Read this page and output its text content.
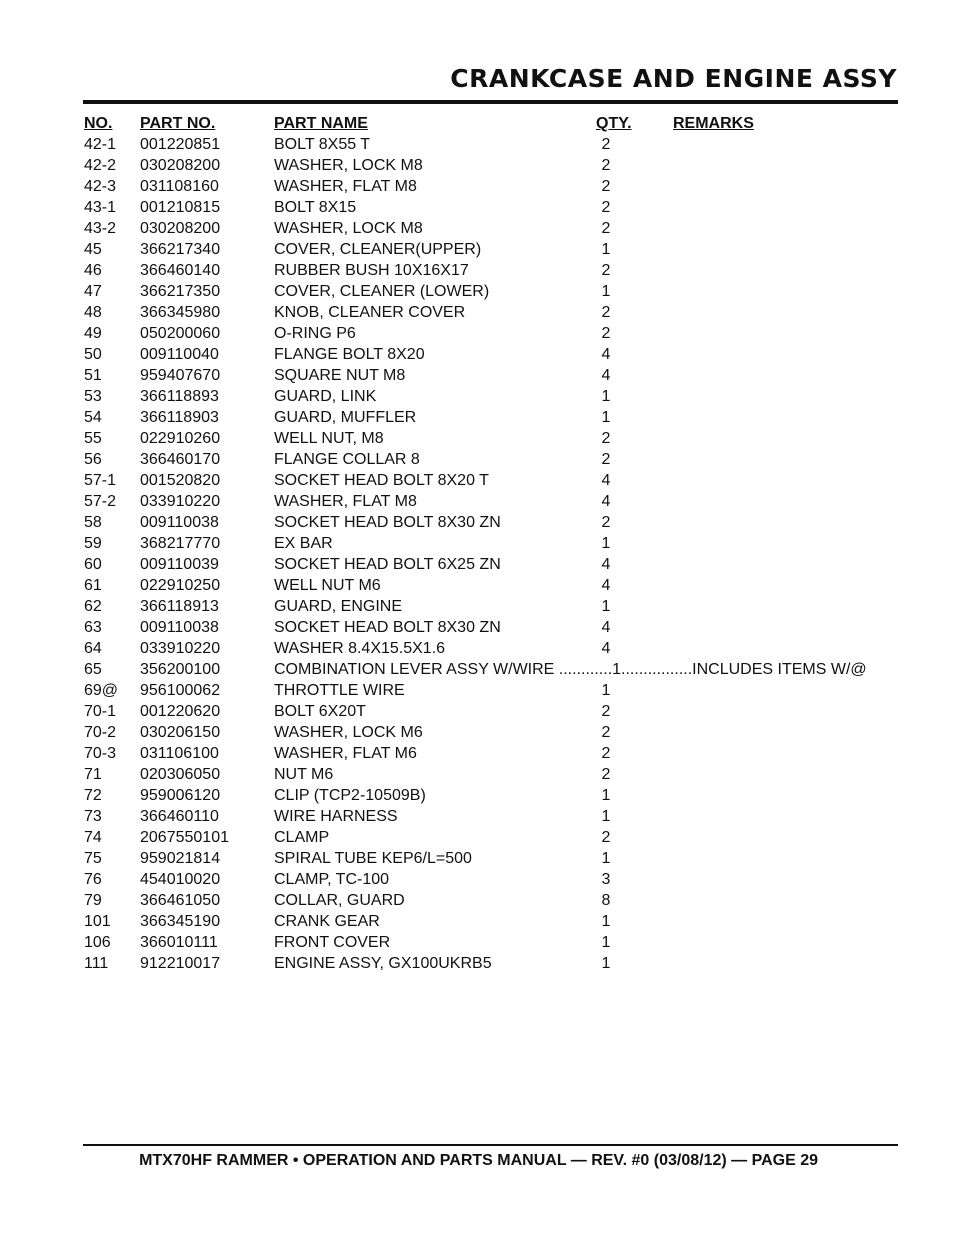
CRANKCASE AND ENGINE ASSY
NO. PART NO.	PART NAME	QTY.	REMARKS
42-1 001220851	BOLT 8X55 T	2
42-2 030208200	WASHER, LOCK M8	2
42-3 031108160	WASHER, FLAT M8	2
43-1 001210815	BOLT 8X15	2
43-2 030208200	WASHER, LOCK M8	2
45 366217340	COVER, CLEANER(UPPER)	1
46 366460140	RUBBER BUSH 10X16X17	2
47 366217350	COVER, CLEANER (LOWER)	1
48 366345980	KNOB, CLEANER COVER	2
49 050200060	O-RING P6	2
50 009110040	FLANGE BOLT 8X20	4
51 959407670	SQUARE NUT M8	4
53 366118893	GUARD, LINK	1
54 366118903	GUARD, MUFFLER	1
55 022910260	WELL NUT, M8	2
56 366460170	FLANGE COLLAR 8	2
57-1 001520820	SOCKET HEAD BOLT 8X20 T	4
57-2 033910220	WASHER, FLAT M8	4
58 009110038	SOCKET HEAD BOLT 8X30 ZN	2
59 368217770	EX BAR	1
60 009110039	SOCKET HEAD BOLT 6X25 ZN	4
61 022910250	WELL NUT M6	4
62 366118913	GUARD, ENGINE	1
63 009110038	SOCKET HEAD BOLT 8X30 ZN	4
64 033910220	WASHER 8.4X15.5X1.6	4
65 356200100	COMBINATION LEVER ASSY W/WIRE ............1................INCLUDES ITEMS W/@
69@ 956100062	THROTTLE WIRE	1
70-1 001220620	BOLT 6X20T	2
70-2 030206150	WASHER, LOCK M6	2
70-3 031106100	WASHER, FLAT M6	2
71 020306050	NUT M6	2
72 959006120	CLIP (TCP2-10509B)	1
73 366460110	WIRE HARNESS	1
74 2067550101	CLAMP	2
75 959021814	SPIRAL TUBE KEP6/L=500	1
76 454010020	CLAMP, TC-100	3
79 366461050	COLLAR, GUARD	8
101 366345190	CRANK GEAR	1
106 366010111	FRONT COVER	1
111 912210017	ENGINE ASSY, GX100UKRB5	1
MTX70HF RAMMER • OPERATION AND PARTS MANUAL — REV. #0 (03/08/12) — PAGE 29
